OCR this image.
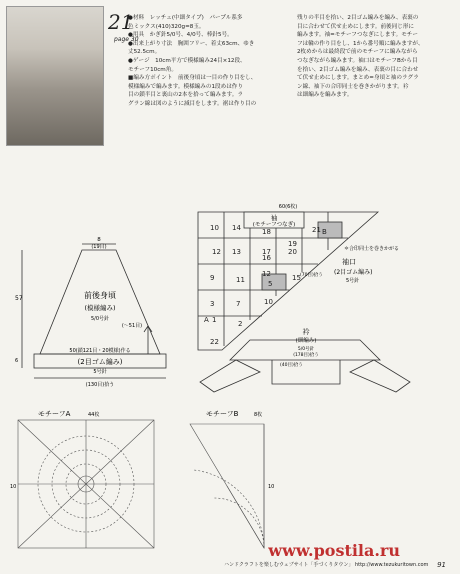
21
page 30
●材料　レッチェ(中細タイプ)　パープル系多
色ミックス(410)320g=8玉。
●用具　かぎ針5/0号、4/0号、棒針5号。
●出来上がり寸法　胸囲フリー、着丈63cm、ゆき
丈52.5cm。
●ゲージ　10cm平方で模様編み24目×12段、
モチーフ10cm角。
■編み方ポイント　前後身頃は一目の作り目をし、
模様編みで編みます。模様編みの1段めは作り
目の鎖半目と裏山の2本を拾って編みます。ラ
グラン線は図のように減目をします。裾は作り目の
残りの半目を拾い、2目ゴム編みを編み、表裏の
目に合わせて伏せ止めにします。前後同じ形に
編みます。袖=モチーフつなぎにします。モチー
フは輪の作り目をし、1から番号順に編みますが、
2枚めからは最終段で前のモチーフに編みながら
つなぎながら編みます。袖口はモチーフBから目
を拾い、2目ゴム編みを編み、表裏の目に合わせ
て伏せ止めにします。まとめ=身頃と袖のラグラ
ン線、袖下の合印同士を巻きかがります。衿
は細編みを編みます。
8
(19目)
前後身頃
(模様編み)
5/0号針
(～51目)
(2目ゴム編み)
5号針
50(鎖121目・20模様)作る
(130目)拾う
57
6
60(6枚)
袖
(モチーフつなぎ)
＊合印同士を巻きかがる
袖口
(2目ゴム編み)
5号針
(70目)拾う
10 14	18	21
13	17 20
12
16
19
9	15
B
12
11
3	7	10
2
5
A 1
22
衿
(細編み)
5/0号針
(178目)拾う
(40目)拾う
モチーフA	44枚
10
モチーフB	8枚
10
ハンドクラフトを楽しむウェブサイト「手づくりタウン」 http://www.tezukuritown.com 91
www.postila.ru
